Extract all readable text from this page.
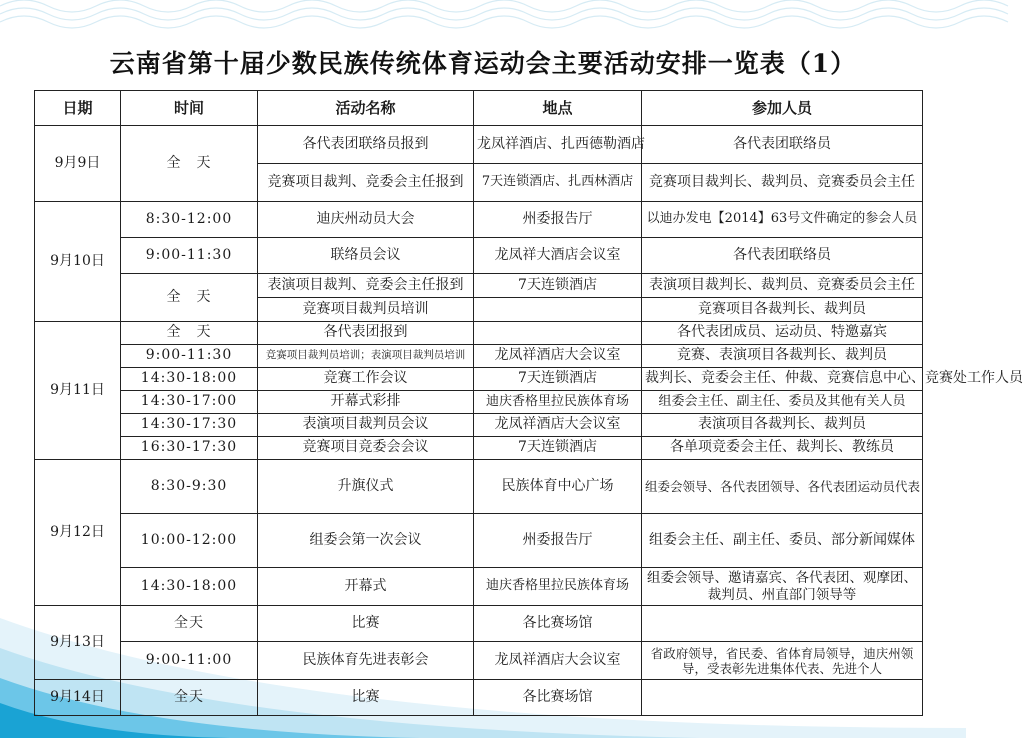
云南省第十届少数民族传统体育运动会主要活动安排一览表（1）
日期	时间	活动名称	地点	参加人员
9月9日	全　天	各代表团联络员报到	龙凤祥酒店、扎西德勒酒店	各代表团联络员
		竞赛项目裁判、竞委会主任报到	7天连锁酒店、扎西林酒店	竞赛项目裁判长、裁判员、竞赛委员会主任
9月10日	8:30-12:00	迪庆州动员大会	州委报告厅	以迪办发电【2014】63号文件确定的参会人员
	9:00-11:30	联络员会议	龙凤祥大酒店会议室	各代表团联络员
	全　天	表演项目裁判、竞委会主任报到	7天连锁酒店	表演项目裁判长、裁判员、竞赛委员会主任
		竞赛项目裁判员培训		竞赛项目各裁判长、裁判员
9月11日	全　天	各代表团报到		各代表团成员、运动员、特邀嘉宾
	9:00-11:30	竞赛项目裁判员培训；表演项目裁判员培训	龙凤祥酒店大会议室	竞赛、表演项目各裁判长、裁判员
	14:30-18:00	竞赛工作会议	7天连锁酒店	裁判长、竞委会主任、仲裁、竞赛信息中心、竞赛处工作人员
	14:30-17:00	开幕式彩排	迪庆香格里拉民族体育场	组委会主任、副主任、委员及其他有关人员
	14:30-17:30	表演项目裁判员会议	龙凤祥酒店大会议室	表演项目各裁判长、裁判员
	16:30-17:30	竞赛项目竞委会会议	7天连锁酒店	各单项竞委会主任、裁判长、教练员
9月12日	8:30-9:30	升旗仪式	民族体育中心广场	组委会领导、各代表团领导、各代表团运动员代表
	10:00-12:00	组委会第一次会议	州委报告厅	组委会主任、副主任、委员、部分新闻媒体
	14:30-18:00	开幕式	迪庆香格里拉民族体育场	组委会领导、邀请嘉宾、各代表团、观摩团、裁判员、州直部门领导等
9月13日	全天	比赛	各比赛场馆	
	9:00-11:00	民族体育先进表彰会	龙凤祥酒店大会议室	省政府领导，省民委、省体育局领导，迪庆州领导，受表彰先进集体代表、先进个人
9月14日	全天	比赛	各比赛场馆	
